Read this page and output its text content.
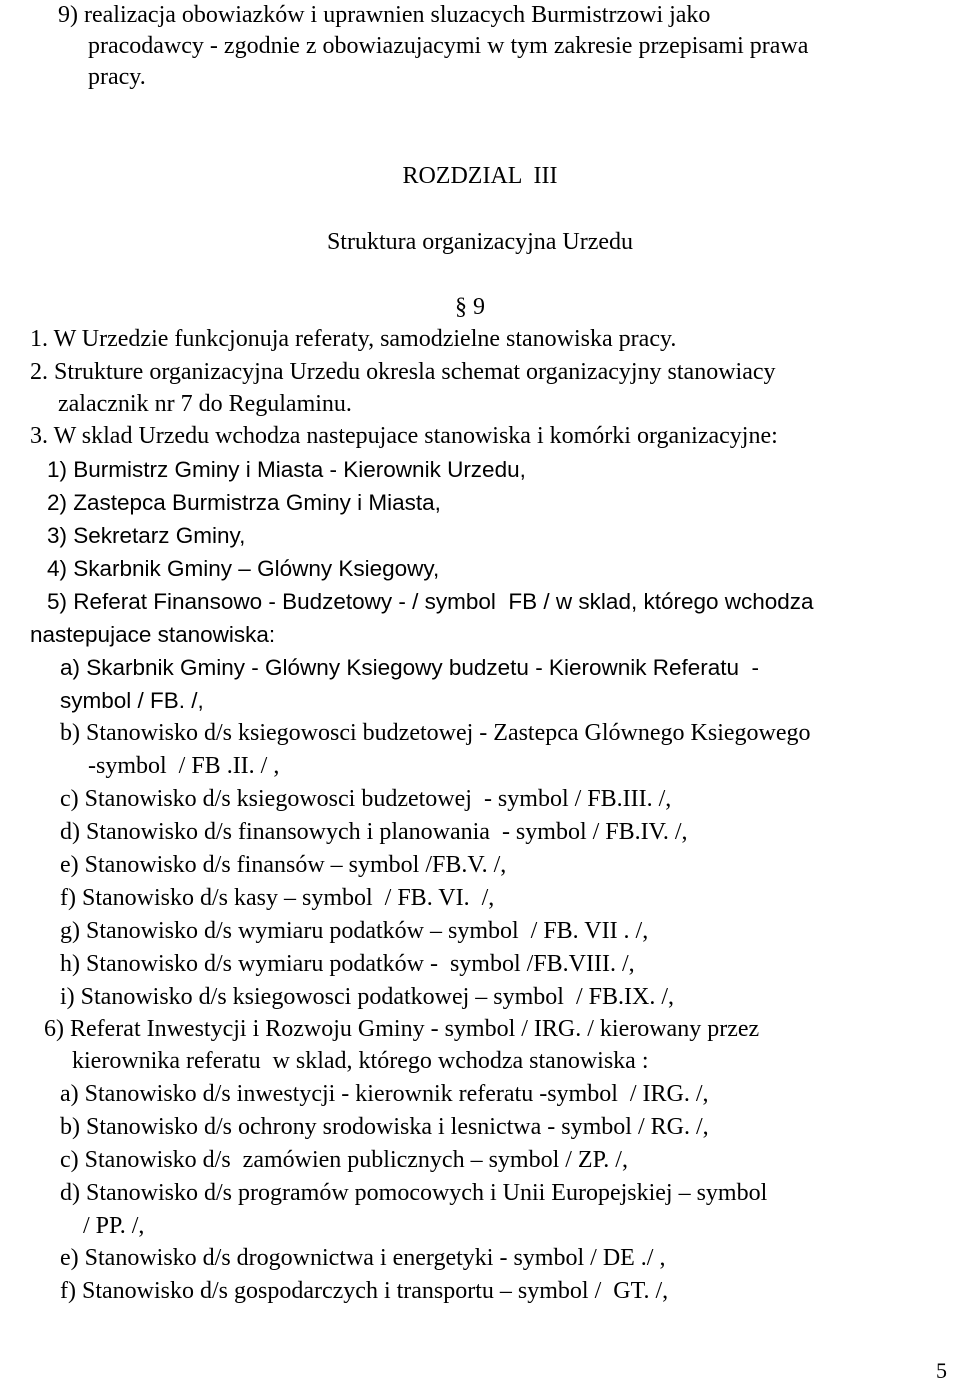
9) realizacja obowiazków i uprawnien sluzacych Burmistrzowi jako
pracodawcy - zgodnie z obowiazujacymi w tym zakresie przepisami prawa
pracy.
ROZDZIAL  III
Struktura organizacyjna Urzedu
§ 9
1. W Urzedzie funkcjonuja referaty, samodzielne stanowiska pracy.
2. Strukture organizacyjna Urzedu okresla schemat organizacyjny stanowiacy
zalacznik nr 7 do Regulaminu.
3. W sklad Urzedu wchodza nastepujace stanowiska i komórki organizacyjne:
1) Burmistrz Gminy i Miasta - Kierownik Urzedu,
2) Zastepca Burmistrza Gminy i Miasta,
3) Sekretarz Gminy,
4) Skarbnik Gminy – Glówny Ksiegowy,
5) Referat Finansowo - Budzetowy - / symbol  FB / w sklad, którego wchodza
nastepujace stanowiska:
a) Skarbnik Gminy - Glówny Ksiegowy budzetu - Kierownik Referatu  -
symbol / FB. /,
b) Stanowisko d/s ksiegowosci budzetowej - Zastepca Glównego Ksiegowego
-symbol  / FB .II. / ,
c) Stanowisko d/s ksiegowosci budzetowej  - symbol / FB.III. /,
d) Stanowisko d/s finansowych i planowania  - symbol / FB.IV. /,
e) Stanowisko d/s finansów – symbol /FB.V. /,
f) Stanowisko d/s kasy – symbol  / FB. VI.  /,
g) Stanowisko d/s wymiaru podatków – symbol  / FB. VII . /,
h) Stanowisko d/s wymiaru podatków -  symbol /FB.VIII. /,
i) Stanowisko d/s ksiegowosci podatkowej – symbol  / FB.IX. /,
6) Referat Inwestycji i Rozwoju Gminy - symbol / IRG. / kierowany przez
kierownika referatu  w sklad, którego wchodza stanowiska :
a) Stanowisko d/s inwestycji - kierownik referatu -symbol  / IRG. /,
b) Stanowisko d/s ochrony srodowiska i lesnictwa - symbol / RG. /,
c) Stanowisko d/s  zamówien publicznych – symbol / ZP. /,
d) Stanowisko d/s programów pomocowych i Unii Europejskiej – symbol
/ PP. /,
e) Stanowisko d/s drogownictwa i energetyki - symbol / DE ./ ,
f) Stanowisko d/s gospodarczych i transportu – symbol /  GT. /,
5
